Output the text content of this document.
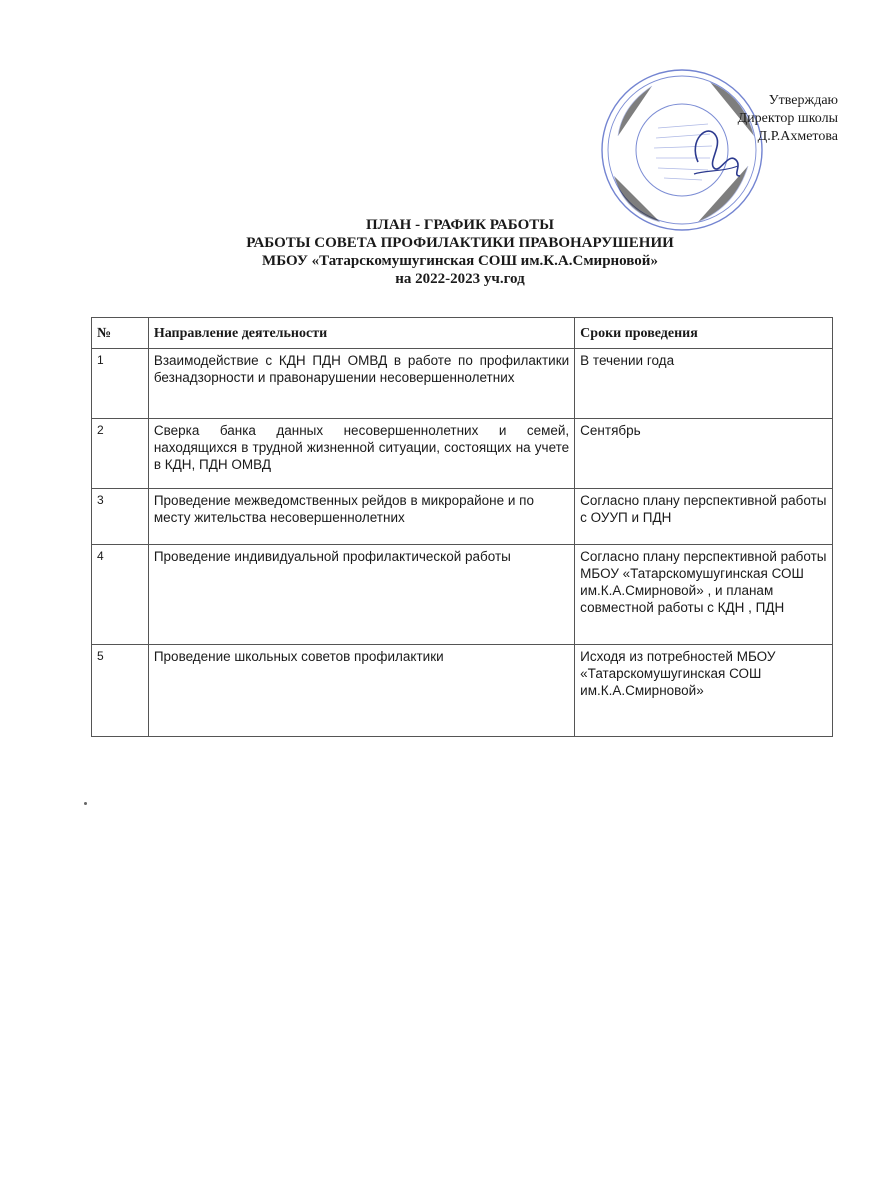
Утверждаю
Директор школы
Д.Р.Ахметова
ПЛАН - ГРАФИК РАБОТЫ
РАБОТЫ СОВЕТА ПРОФИЛАКТИКИ ПРАВОНАРУШЕНИИ
МБОУ «Татарскомушугинская СОШ им.К.А.Смирновой»
на 2022-2023 уч.год
№	Направление деятельности	Сроки проведения
1	Взаимодействие с КДН ПДН ОМВД в работе по профилактики безнадзорности и правонарушении несовершеннолетних	В течении года
2	Сверка банка данных несовершеннолетних и семей, находящихся в трудной жизненной ситуации, состоящих на учете в КДН, ПДН ОМВД	Сентябрь
3	Проведение межведомственных рейдов в микрорайоне и по месту жительства несовершеннолетних	Согласно плану перспективной работы с ОУУП и ПДН
4	Проведение индивидуальной профилактической работы	Согласно плану перспективной работы МБОУ «Татарскомушугинская СОШ им.К.А.Смирновой» , и планам совместной работы с КДН , ПДН
5	Проведение школьных советов профилактики	Исходя из потребностей МБОУ «Татарскомушугинская СОШ им.К.А.Смирновой»
